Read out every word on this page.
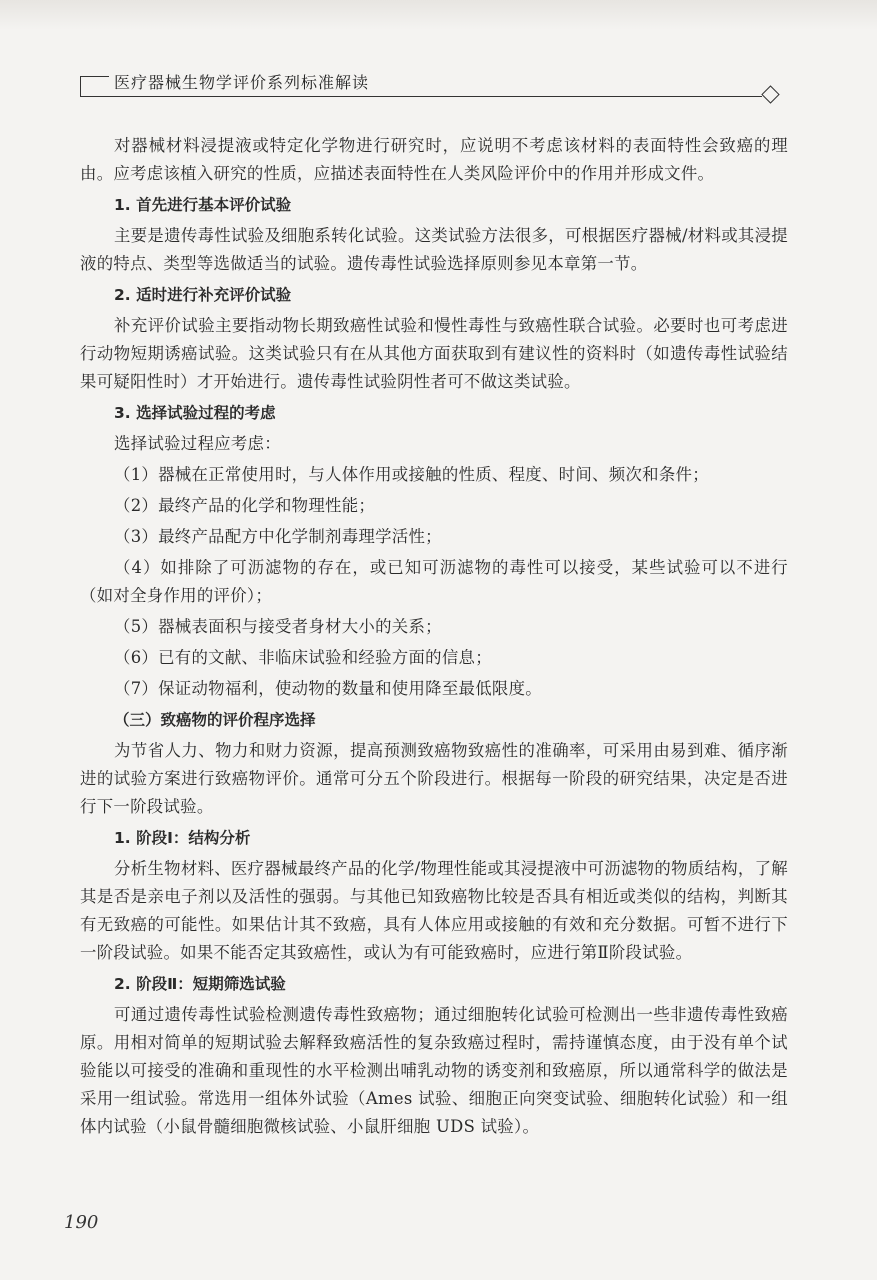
医疗器械生物学评价系列标准解读

对器械材料浸提液或特定化学物进行研究时，应说明不考虑该材料的表面特性会致癌的理由。应考虑该植入研究的性质，应描述表面特性在人类风险评价中的作用并形成文件。

1. 首先进行基本评价试验

主要是遗传毒性试验及细胞系转化试验。这类试验方法很多，可根据医疗器械/材料或其浸提液的特点、类型等选做适当的试验。遗传毒性试验选择原则参见本章第一节。

2. 适时进行补充评价试验

补充评价试验主要指动物长期致癌性试验和慢性毒性与致癌性联合试验。必要时也可考虑进行动物短期诱癌试验。这类试验只有在从其他方面获取到有建议性的资料时（如遗传毒性试验结果可疑阳性时）才开始进行。遗传毒性试验阴性者可不做这类试验。

3. 选择试验过程的考虑

选择试验过程应考虑：

（1）器械在正常使用时，与人体作用或接触的性质、程度、时间、频次和条件；
（2）最终产品的化学和物理性能；
（3）最终产品配方中化学制剂毒理学活性；
（4）如排除了可沥滤物的存在，或已知可沥滤物的毒性可以接受，某些试验可以不进行（如对全身作用的评价）；
（5）器械表面积与接受者身材大小的关系；
（6）已有的文献、非临床试验和经验方面的信息；
（7）保证动物福利，使动物的数量和使用降至最低限度。
（三）致癌物的评价程序选择

为节省人力、物力和财力资源，提高预测致癌物致癌性的准确率，可采用由易到难、循序渐进的试验方案进行致癌物评价。通常可分五个阶段进行。根据每一阶段的研究结果，决定是否进行下一阶段试验。

1. 阶段Ⅰ：结构分析

分析生物材料、医疗器械最终产品的化学/物理性能或其浸提液中可沥滤物的物质结构，了解其是否是亲电子剂以及活性的强弱。与其他已知致癌物比较是否具有相近或类似的结构，判断其有无致癌的可能性。如果估计其不致癌，具有人体应用或接触的有效和充分数据。可暂不进行下一阶段试验。如果不能否定其致癌性，或认为有可能致癌时，应进行第Ⅱ阶段试验。

2. 阶段Ⅱ：短期筛选试验

可通过遗传毒性试验检测遗传毒性致癌物；通过细胞转化试验可检测出一些非遗传毒性致癌原。用相对简单的短期试验去解释致癌活性的复杂致癌过程时，需持谨慎态度，由于没有单个试验能以可接受的准确和重现性的水平检测出哺乳动物的诱变剂和致癌原，所以通常科学的做法是采用一组试验。常选用一组体外试验（Ames 试验、细胞正向突变试验、细胞转化试验）和一组体内试验（小鼠骨髓细胞微核试验、小鼠肝细胞 UDS 试验）。

190
